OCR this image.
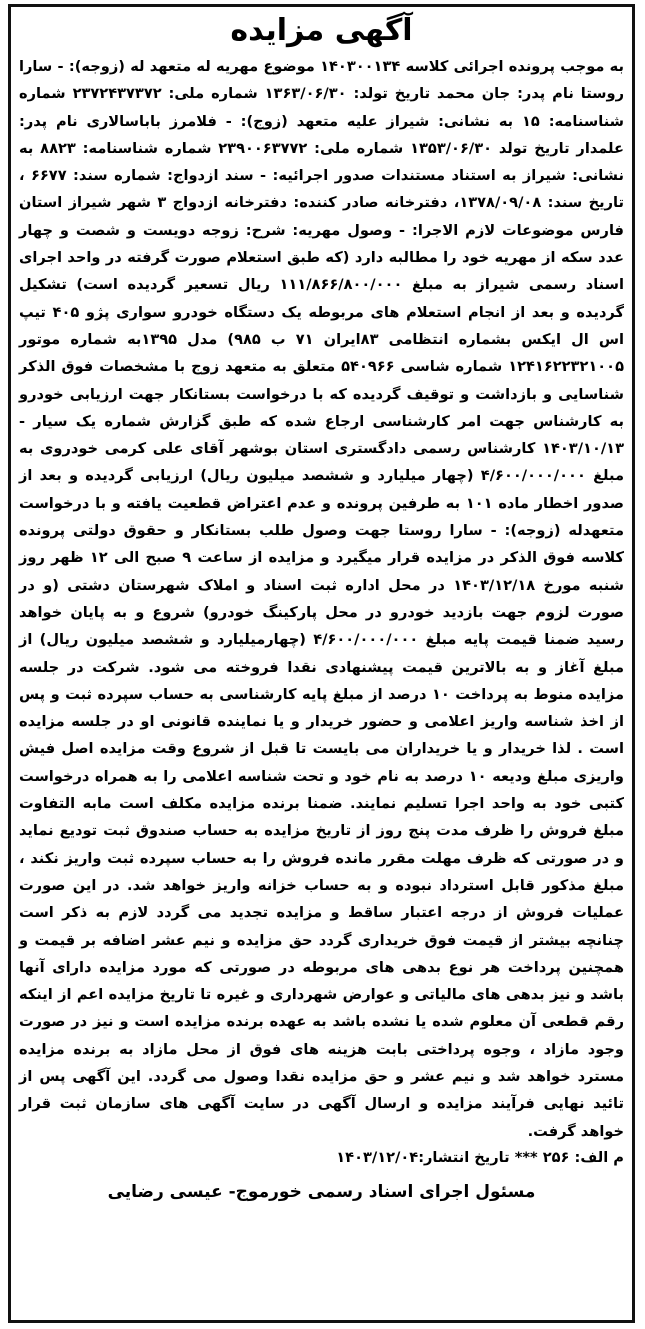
آگهی مزایده

به موجب پرونده اجرائی کلاسه ۱۴۰۳۰۰۱۳۴ موضوع مهریه له متعهد له (زوجه): - سارا روستا نام پدر: جان محمد تاریخ تولد: ۱۳۶۳/۰۶/۳۰ شماره ملی: ۲۳۷۲۴۳۷۳۷۲ شماره شناسنامه: ۱۵ به نشانی: شیراز علیه متعهد (زوج): - فلامرز باباسالاری نام پدر: علمدار تاریخ تولد ۱۳۵۳/۰۶/۳۰ شماره ملی: ۲۳۹۰۰۶۳۷۷۲ شماره شناسنامه: ۸۸۲۳ به نشانی: شیراز به استناد مستندات صدور اجرائیه: - سند ازدواج: شماره سند: ۶۶۷۷ ، تاریخ سند: ۱۳۷۸/۰۹/۰۸، دفترخانه صادر کننده: دفترخانه ازدواج ۳ شهر شیراز استان فارس موضوعات لازم الاجرا: - وصول مهریه: شرح: زوجه دویست و شصت و چهار عدد سکه از مهریه خود را مطالبه دارد (که طبق استعلام صورت گرفته در واحد اجرای اسناد رسمی شیراز به مبلغ ۱۱۱/۸۶۶/۸۰۰/۰۰۰ ریال تسعیر گردیده است) تشکیل گردیده و بعد از انجام استعلام های مربوطه یک دستگاه خودرو سواری پژو ۴۰۵ تیپ اس ال ایکس بشماره انتظامی ۸۳ایران ۷۱ ب ۹۸۵) مدل ۱۳۹۵به شماره موتور ۱۲۴۱۶۲۲۳۲۱۰۰۵ شماره شاسی ۵۴۰۹۶۶ متعلق به متعهد زوج با مشخصات فوق الذکر شناسایی و بازداشت و توقیف گردیده که با درخواست بستانکار جهت ارزیابی خودرو به کارشناس جهت امر کارشناسی ارجاع شده که طبق گزارش شماره یک سیار - ۱۴۰۳/۱۰/۱۳ کارشناس رسمی دادگستری استان بوشهر آقای علی کرمی خودروی به مبلغ ۴/۶۰۰/۰۰۰/۰۰۰ (چهار میلیارد و ششصد میلیون ریال) ارزیابی گردیده و بعد از صدور اخطار ماده ۱۰۱ به طرفین پرونده و عدم اعتراض قطعیت یافته و با درخواست متعهدله (زوجه): - سارا روستا جهت وصول طلب بستانکار و حقوق دولتی پرونده کلاسه فوق الذکر در مزایده قرار میگیرد و مزایده از ساعت ۹ صبح الی ۱۲ ظهر روز شنبه مورخ ۱۴۰۳/۱۲/۱۸ در محل اداره ثبت اسناد و املاک شهرستان دشتی (و در صورت لزوم جهت بازدید خودرو در محل پارکینگ خودرو) شروع و به پایان خواهد رسید ضمنا قیمت پایه مبلغ ۴/۶۰۰/۰۰۰/۰۰۰ (چهارمیلیارد و ششصد میلیون ریال) از مبلغ آغاز و به بالاترین قیمت پیشنهادی نقدا فروخته می شود. شرکت در جلسه مزایده منوط به پرداخت ۱۰ درصد از مبلغ پایه کارشناسی به حساب سپرده ثبت و پس از اخذ شناسه واریز اعلامی و حضور خریدار و یا نماینده قانونی او در جلسه مزایده است . لذا خریدار و یا خریداران می بایست تا قبل از شروع وقت مزایده اصل فیش واریزی مبلغ ودیعه ۱۰ درصد به نام خود و تحت شناسه اعلامی را به همراه درخواست کتبی خود به واحد اجرا تسلیم نمایند. ضمنا برنده مزایده مکلف است مابه التفاوت مبلغ فروش را ظرف مدت پنج روز از تاریخ مزایده به حساب صندوق ثبت تودیع نماید و در صورتی که ظرف مهلت مقرر مانده فروش را به حساب سپرده ثبت واریز نکند ، مبلغ مذکور قابل استرداد نبوده و به حساب خزانه واریز خواهد شد. در این صورت عملیات فروش از درجه اعتبار ساقط و مزایده تجدید می گردد لازم به ذکر است چنانچه بیشتر از قیمت فوق خریداری گردد حق مزایده و نیم عشر اضافه بر قیمت و همچنین پرداخت هر نوع بدهی های مربوطه در صورتی که مورد مزایده دارای آنها باشد و نیز بدهی های مالیاتی و عوارض شهرداری و غیره تا تاریخ مزایده اعم از اینکه رقم قطعی آن معلوم شده یا نشده باشد به عهده برنده مزایده است و نیز در صورت وجود مازاد ، وجوه پرداختی بابت هزینه های فوق از محل مازاد به برنده مزایده مسترد خواهد شد و نیم عشر و حق مزایده نقدا وصول می گردد. این آگهی پس از تائید نهایی فرآیند مزایده و ارسال آگهی در سایت آگهی های سازمان ثبت قرار خواهد گرفت.

م الف: ۲۵۶ *** تاریخ انتشار:۱۴۰۳/۱۲/۰۴
مسئول اجرای اسناد رسمی خورموج- عیسی رضایی
